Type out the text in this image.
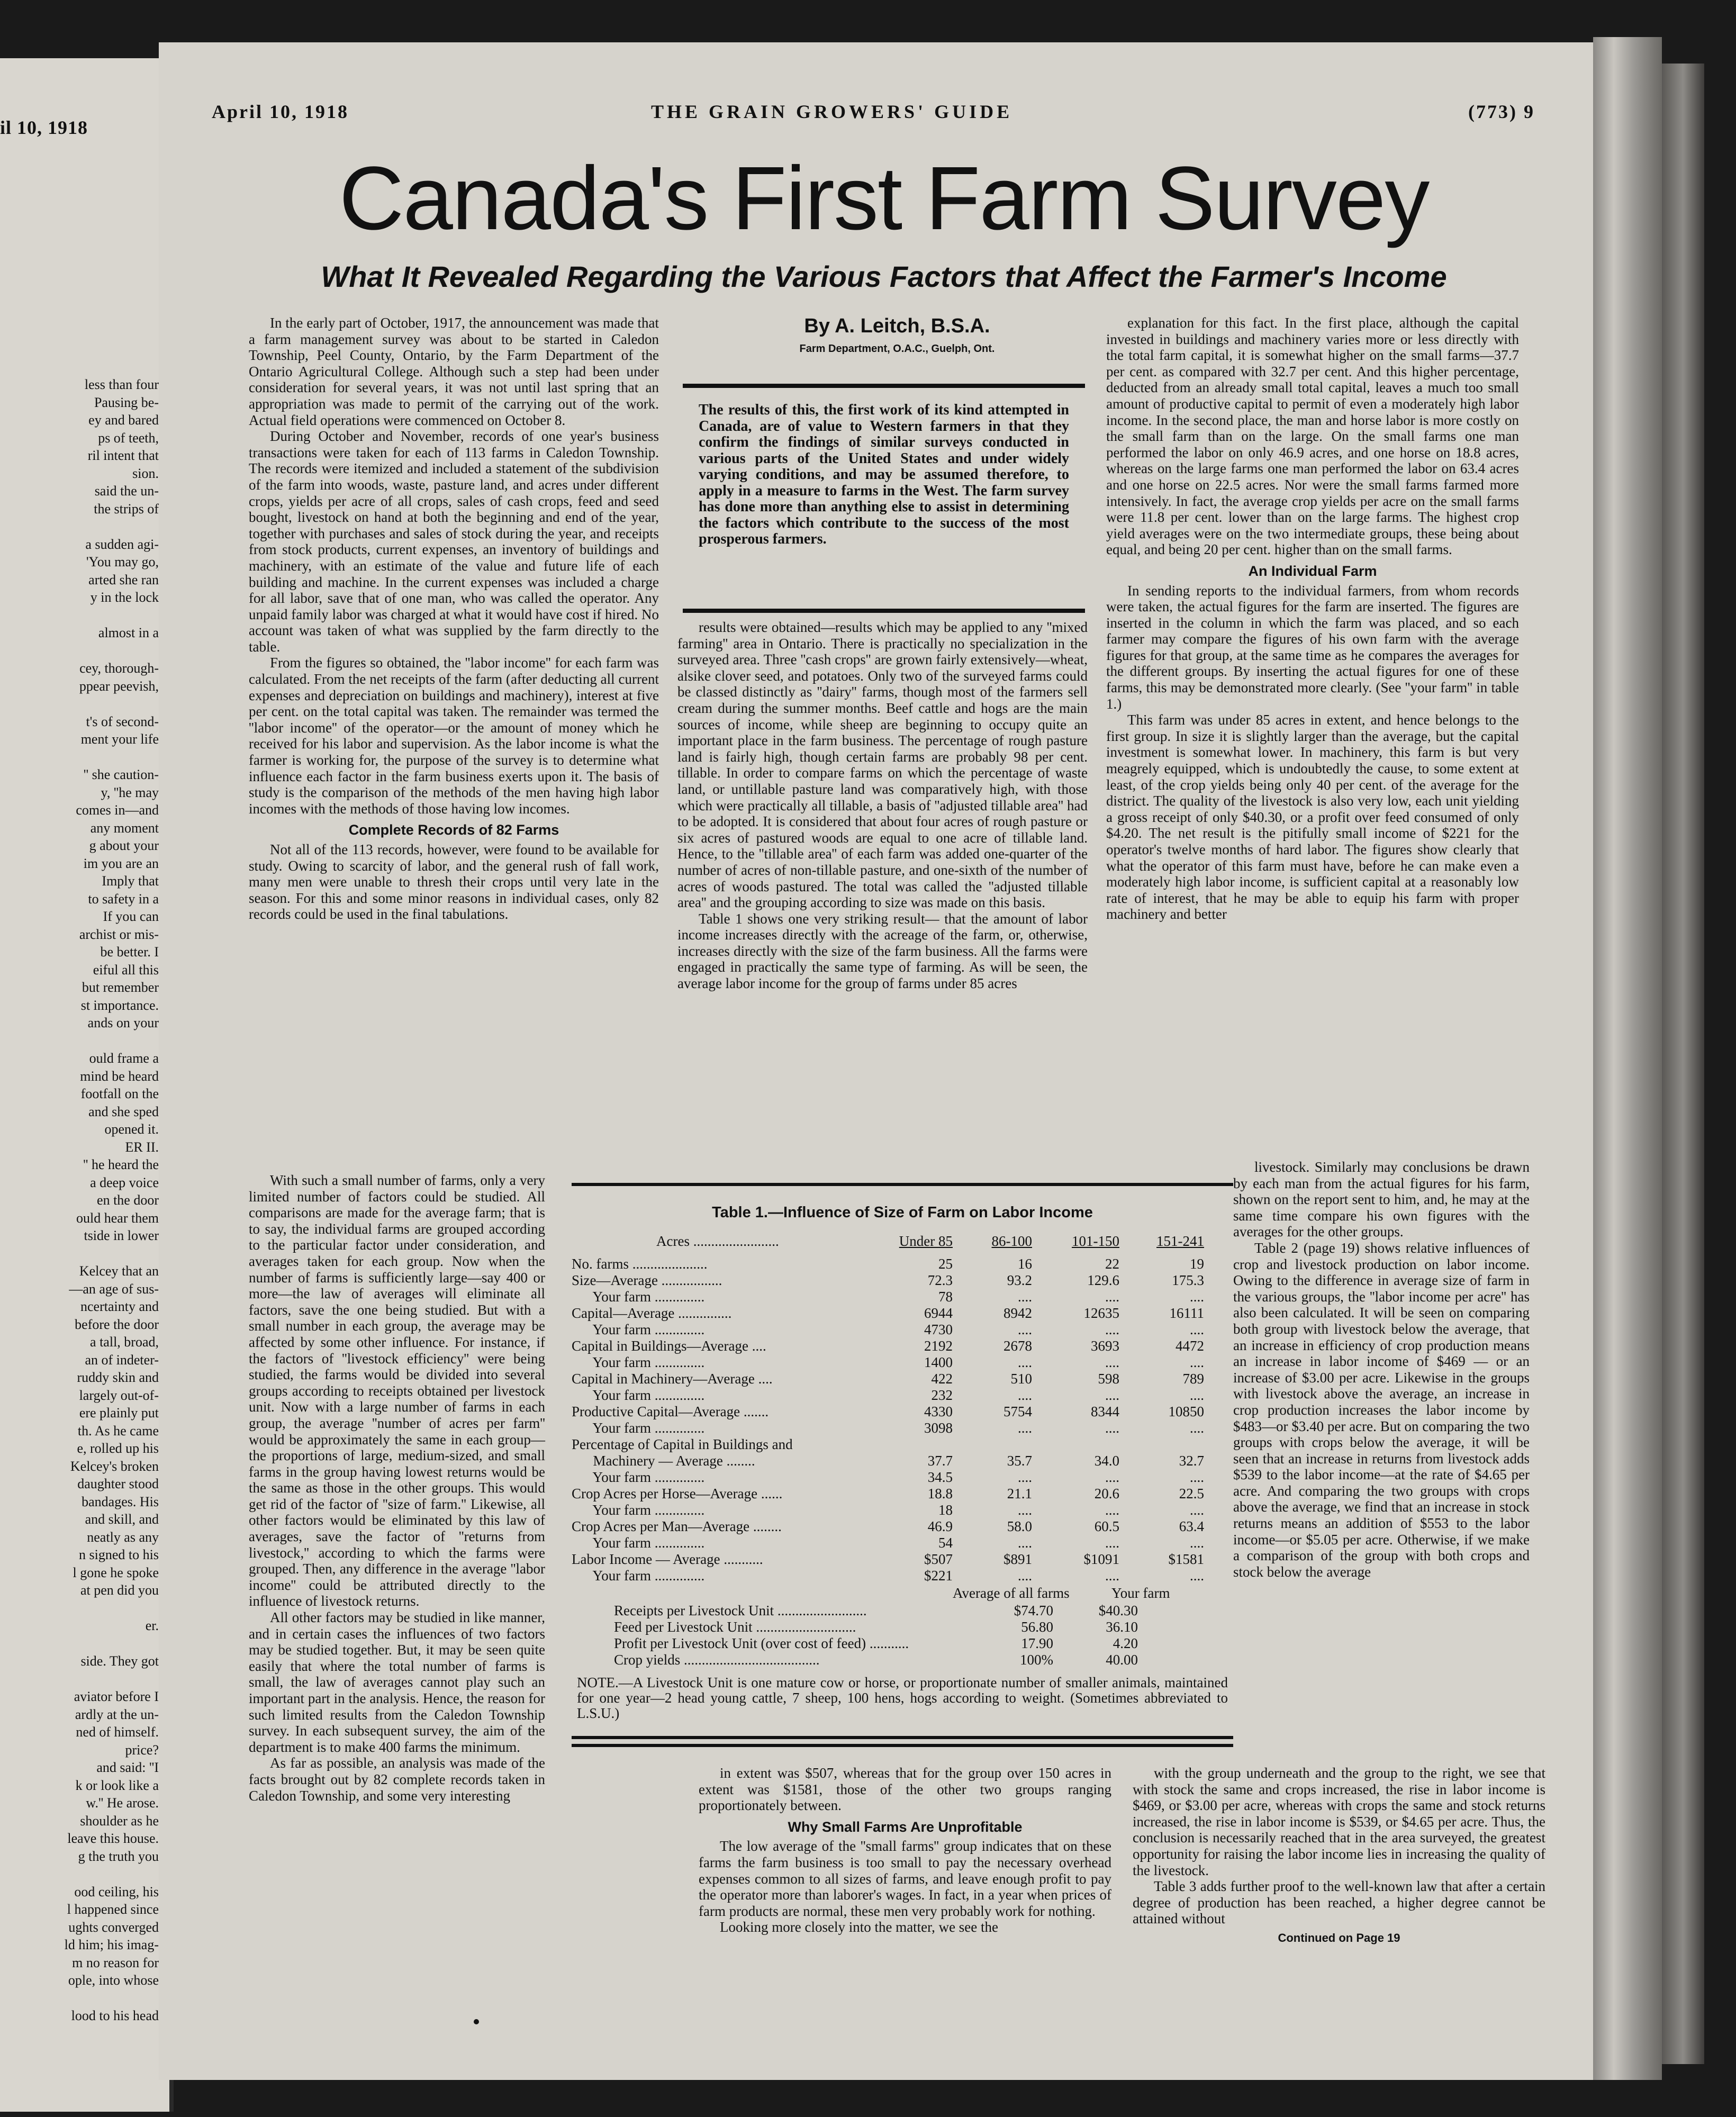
il 10, 1918
less than four
Pausing be-
ey and bared
ps of teeth,
ril intent that
sion.
said the un-
the strips of

a sudden agi-
'You may go,
arted she ran
y in the lock

almost in a

cey, thorough-
ppear peevish,

t's of second-
ment your life

'' she caution-
y, ''he may
comes in—and
any moment
g about your
im you are an
Imply that
to safety in a
If you can
archist or mis-
be better. I
eiful all this
but remember
st importance.
ands on your

ould frame a
mind be heard
footfall on the
and she sped
opened it.
ER II.
'' he heard the
a deep voice
en the door
ould hear them
tside in lower

Kelcey that an
—an age of sus-
ncertainty and
before the door
a tall, broad,
an of indeter-
ruddy skin and
largely out-of-
ere plainly put
th. As he came
e, rolled up his
Kelcey's broken
daughter stood
bandages. His
and skill, and
neatly as any
n signed to his
l gone he spoke
at pen did you

er.

side. They got

aviator before I
ardly at the un-
ned of himself.
price?
and said: ''I
k or look like a
w.'' He arose.
shoulder as he
leave this house.
g the truth you

ood ceiling, his
l happened since
ughts converged
ld him; his imag-
m no reason for
ople, into whose

lood to his head
April 10, 1918	THE GRAIN GROWERS' GUIDE	(773) 9
Canada's First Farm Survey
What It Revealed Regarding the Various Factors that Affect the Farmer's Income
By A. Leitch, B.S.A.
Farm Department, O.A.C., Guelph, Ont.
The results of this, the first work of its kind attempted in Canada, are of value to Western farmers in that they confirm the findings of similar surveys conducted in various parts of the United States and under widely varying conditions, and may be assumed therefore, to apply in a measure to farms in the West. The farm survey has done more than anything else to assist in determining the factors which contribute to the success of the most prosperous farmers.

In the early part of October, 1917, the announcement was made that a farm management survey was about to be started in Caledon Township, Peel County, Ontario, by the Farm Department of the Ontario Agricultural College. Although such a step had been under consideration for several years, it was not until last spring that an appropriation was made to permit of the carrying out of the work. Actual field operations were commenced on October 8.

During October and November, records of one year's business transactions were taken for each of 113 farms in Caledon Township. The records were itemized and included a statement of the subdivision of the farm into woods, waste, pasture land, and acres under different crops, yields per acre of all crops, sales of cash crops, feed and seed bought, livestock on hand at both the beginning and end of the year, together with purchases and sales of stock during the year, and receipts from stock products, current expenses, an inventory of buildings and machinery, with an estimate of the value and future life of each building and machine. In the current expenses was included a charge for all labor, save that of one man, who was called the operator. Any unpaid family labor was charged at what it would have cost if hired. No account was taken of what was supplied by the farm directly to the table.

From the figures so obtained, the ''labor income'' for each farm was calculated. From the net receipts of the farm (after deducting all current expenses and depreciation on buildings and machinery), interest at five per cent. on the total capital was taken. The remainder was termed the ''labor income'' of the operator—or the amount of money which he received for his labor and supervision. As the labor income is what the farmer is working for, the purpose of the survey is to determine what influence each factor in the farm business exerts upon it. The basis of study is the comparison of the methods of the men having high labor incomes with the methods of those having low incomes.

Complete Records of 82 Farms

Not all of the 113 records, however, were found to be available for study. Owing to scarcity of labor, and the general rush of fall work, many men were unable to thresh their crops until very late in the season. For this and some minor reasons in individual cases, only 82 records could be used in the final tabulations.

With such a small number of farms, only a very limited number of factors could be studied. All comparisons are made for the average farm; that is to say, the individual farms are grouped according to the particular factor under consideration, and averages taken for each group. Now when the number of farms is sufficiently large—say 400 or more—the law of averages will eliminate all factors, save the one being studied. But with a small number in each group, the average may be affected by some other influence. For instance, if the factors of ''livestock efficiency'' were being studied, the farms would be divided into several groups according to receipts obtained per livestock unit. Now with a large number of farms in each group, the average ''number of acres per farm'' would be approximately the same in each group—the proportions of large, medium-sized, and small farms in the group having lowest returns would be the same as those in the other groups. This would get rid of the factor of ''size of farm.'' Likewise, all other factors would be eliminated by this law of averages, save the factor of ''returns from livestock,'' according to which the farms were grouped. Then, any difference in the average ''labor income'' could be attributed directly to the influence of livestock returns.

All other factors may be studied in like manner, and in certain cases the influences of two factors may be studied together. But, it may be seen quite easily that where the total number of farms is small, the law of averages cannot play such an important part in the analysis. Hence, the reason for such limited results from the Caledon Township survey. In each subsequent survey, the aim of the department is to make 400 farms the minimum.

As far as possible, an analysis was made of the facts brought out by 82 complete records taken in Caledon Township, and some very interesting

results were obtained—results which may be applied to any ''mixed farming'' area in Ontario. There is practically no specialization in the surveyed area. Three ''cash crops'' are grown fairly extensively—wheat, alsike clover seed, and potatoes. Only two of the surveyed farms could be classed distinctly as ''dairy'' farms, though most of the farmers sell cream during the summer months. Beef cattle and hogs are the main sources of income, while sheep are beginning to occupy quite an important place in the farm business. The percentage of rough pasture land is fairly high, though certain farms are probably 98 per cent. tillable. In order to compare farms on which the percentage of waste land, or untillable pasture land was comparatively high, with those which were practically all tillable, a basis of ''adjusted tillable area'' had to be adopted. It is considered that about four acres of rough pasture or six acres of pastured woods are equal to one acre of tillable land. Hence, to the ''tillable area'' of each farm was added one-quarter of the number of acres of non-tillable pasture, and one-sixth of the number of acres of woods pastured. The total was called the ''adjusted tillable area'' and the grouping according to size was made on this basis.

Table 1 shows one very striking result— that the amount of labor income increases directly with the acreage of the farm, or, otherwise, increases directly with the size of the farm business. All the farms were engaged in practically the same type of farming. As will be seen, the average labor income for the group of farms under 85 acres

in extent was $507, whereas that for the group over 150 acres in extent was $1581, those of the other two groups ranging proportionately between.

Why Small Farms Are Unprofitable

The low average of the ''small farms'' group indicates that on these farms the farm business is too small to pay the necessary overhead expenses common to all sizes of farms, and leave enough profit to pay the operator more than laborer's wages. In fact, in a year when prices of farm products are normal, these men very probably work for nothing.

Looking more closely into the matter, we see the

explanation for this fact. In the first place, although the capital invested in buildings and machinery varies more or less directly with the total farm capital, it is somewhat higher on the small farms—37.7 per cent. as compared with 32.7 per cent. And this higher percentage, deducted from an already small total capital, leaves a much too small amount of productive capital to permit of even a moderately high labor income. In the second place, the man and horse labor is more costly on the small farm than on the large. On the small farms one man performed the labor on only 46.9 acres, and one horse on 18.8 acres, whereas on the large farms one man performed the labor on 63.4 acres and one horse on 22.5 acres. Nor were the small farms farmed more intensively. In fact, the average crop yields per acre on the small farms were 11.8 per cent. lower than on the large farms. The highest crop yield averages were on the two intermediate groups, these being about equal, and being 20 per cent. higher than on the small farms.

An Individual Farm

In sending reports to the individual farmers, from whom records were taken, the actual figures for the farm are inserted. The figures are inserted in the column in which the farm was placed, and so each farmer may compare the figures of his own farm with the average figures for that group, at the same time as he compares the averages for the different groups. By inserting the actual figures for one of these farms, this may be demonstrated more clearly. (See ''your farm'' in table 1.)

This farm was under 85 acres in extent, and hence belongs to the first group. In size it is slightly larger than the average, but the capital investment is somewhat lower. In machinery, this farm is but very meagrely equipped, which is undoubtedly the cause, to some extent at least, of the crop yields being only 40 per cent. of the average for the district. The quality of the livestock is also very low, each unit yielding a gross receipt of only $40.30, or a profit over feed consumed of only $4.20. The net result is the pitifully small income of $221 for the operator's twelve months of hard labor. The figures show clearly that what the operator of this farm must have, before he can make even a moderately high labor income, is sufficient capital at a reasonably low rate of interest, that he may be able to equip his farm with proper machinery and better

livestock. Similarly may conclusions be drawn by each man from the actual figures for his farm, shown on the report sent to him, and, he may at the same time compare his own figures with the averages for the other groups.

Table 2 (page 19) shows relative influences of crop and livestock production on labor income. Owing to the difference in average size of farm in the various groups, the ''labor income per acre'' has also been calculated. It will be seen on comparing both group with livestock below the average, that an increase in efficiency of crop production means an increase in labor income of $469 — or an increase of $3.00 per acre. Likewise in the groups with livestock above the average, an increase in crop production increases the labor income by $483—or $3.40 per acre. But on comparing the two groups with crops below the average, it will be seen that an increase in returns from livestock adds $539 to the labor income—at the rate of $4.65 per acre. And comparing the two groups with crops above the average, we find that an increase in stock returns means an addition of $553 to the labor income—or $5.05 per acre. Otherwise, if we make a comparison of the group with both crops and stock below the average

with the group underneath and the group to the right, we see that with stock the same and crops increased, the rise in labor income is $469, or $3.00 per acre, whereas with crops the same and stock returns increased, the rise in labor income is $539, or $4.65 per acre. Thus, the conclusion is necessarily reached that in the area surveyed, the greatest opportunity for raising the labor income lies in increasing the quality of the livestock.

Table 3 adds further proof to the well-known law that after a certain degree of production has been reached, a higher degree cannot be attained without

Continued on Page 19
Table 1.—Influence of Size of Farm on Labor Income
Acres ........................	Under 85	86-100	101-150	151-241
No. farms .....................	25	16	22	19
Size—Average .................	72.3	93.2	129.6	175.3
Your farm ..............	78	....	....	....
Capital—Average ...............	6944	8942	12635	16111
Your farm ..............	4730	....	....	....
Capital in Buildings—Average ....	2192	2678	3693	4472
Your farm ..............	1400	....	....	....
Capital in Machinery—Average ....	422	510	598	789
Your farm ..............	232	....	....	....
Productive Capital—Average .......	4330	5754	8344	10850
Your farm ..............	3098	....	....	....
Percentage of Capital in Buildings and
Machinery — Average ........	37.7	35.7	34.0	32.7
Your farm ..............	34.5	....	....	....
Crop Acres per Horse—Average ......	18.8	21.1	20.6	22.5
Your farm ..............	18	....	....	....
Crop Acres per Man—Average ........	46.9	58.0	60.5	63.4
Your farm ..............	54	....	....	....
Labor Income — Average ...........	$507	$891	$1091	$1581
Your farm ..............	$221	....	....	....
Average of all farms	Your farm
Receipts per Livestock Unit .........................	$74.70	$40.30
Feed per Livestock Unit ............................	56.80	36.10
Profit per Livestock Unit (over cost of feed) ...........	17.90	4.20
Crop yields ......................................	100%	40.00
NOTE.—A Livestock Unit is one mature cow or horse, or proportionate number of smaller animals, maintained for one year—2 head young cattle, 7 sheep, 100 hens, hogs according to weight. (Sometimes abbreviated to L.S.U.)
